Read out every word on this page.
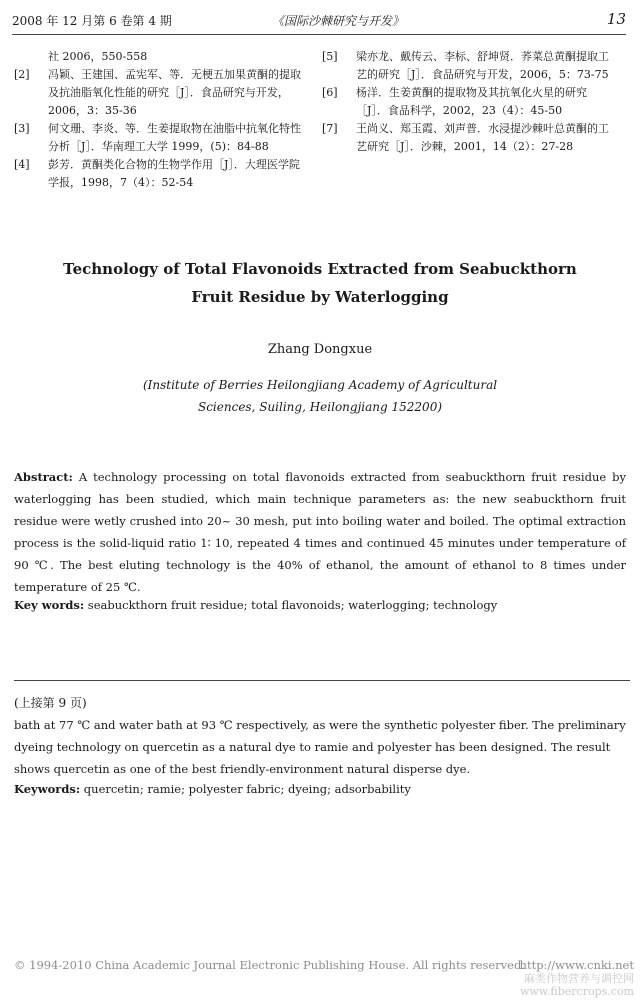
2008 年 12 月第 6 卷第 4 期	《国际沙棘研究与开发》	13
社 2006，550-558
[2] 冯颖、王建国、孟宪军、等．无梗五加果黄酮的提取及抗油脂氧化性能的研究［J］．食品研究与开发，2006，3：35-36
[3] 何文珊、李炎、等．生姜提取物在油脂中抗氧化特性分析［J］．华南理工大学 1999，(5)：84-88
[4] 彭芳．黄酮类化合物的生物学作用［J］．大理医学院学报，1998，7（4）：52-54
[5] 梁亦龙、戴传云、李标、舒坤贤．荞菜总黄酮提取工艺的研究［J］．食品研究与开发，2006，5：73-75
[6] 杨洋．生姜黄酮的提取物及其抗氧化火星的研究［J］．食品科学，2002，23（4）：45-50
[7] 王尚义、郑玉霞、刘声普．水浸提沙棘叶总黄酮的工艺研究［J］．沙棘，2001，14（2）：27-28
Technology of Total Flavonoids Extracted from Seabuckthorn
Fruit Residue by Waterlogging
Zhang Dongxue
(Institute of Berries Heilongjiang Academy of Agricultural
Sciences, Suiling, Heilongjiang 152200)
Abstract: A technology processing on total flavonoids extracted from seabuckthorn fruit residue by waterlogging has been studied, which main technique parameters as: the new seabuckthorn fruit residue were wetly crushed into 20~ 30 mesh, put into boiling water and boiled. The optimal extraction process is the solid-liquid ratio 1∶ 10, repeated 4 times and continued 45 minutes under temperature of 90 ℃. The best eluting technology is the 40% of ethanol, the amount of ethanol to 8 times under temperature of 25 ℃.
Key words: seabuckthorn fruit residue; total flavonoids; waterlogging; technology
(上接第 9 页)
bath at 77 ℃ and water bath at 93 ℃ respectively, as were the synthetic polyester fiber. The preliminary dyeing technology on quercetin as a natural dye to ramie and polyester has been designed. The result shows quercetin as one of the best friendly-environment natural disperse dye.
Keywords: quercetin; ramie; polyester fabric; dyeing; adsorbability
© 1994-2010 China Academic Journal Electronic Publishing House. All rights reserved.
http://www.cnki.net
麻类作物营养与调控网
www.fibercrops.com
